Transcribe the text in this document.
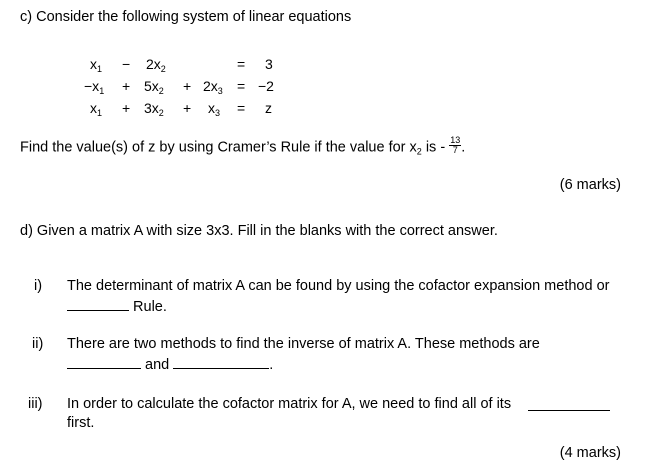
c) Consider the following system of linear equations
$x_1 - 2x_2$	= 3
$-x_1 + 5x_2 + 2x_3 = -2$
$x_1 + 3x_2 + x_3 = z$
Find the value(s) of z by using Cramer’s Rule if the value for $x_2$ is - $\frac{13}{7}$ .
(6 marks)
d) Given a matrix A with size 3x3. Fill in the blanks with the correct answer.
i) The determinant of matrix A can be found by using the cofactor expansion method or
Rule.
ii) There are two methods to find the inverse of matrix A. These methods are
and	.
iii) In order to calculate the cofactor matrix for A, we need to find all of its
first.
(4 marks)
